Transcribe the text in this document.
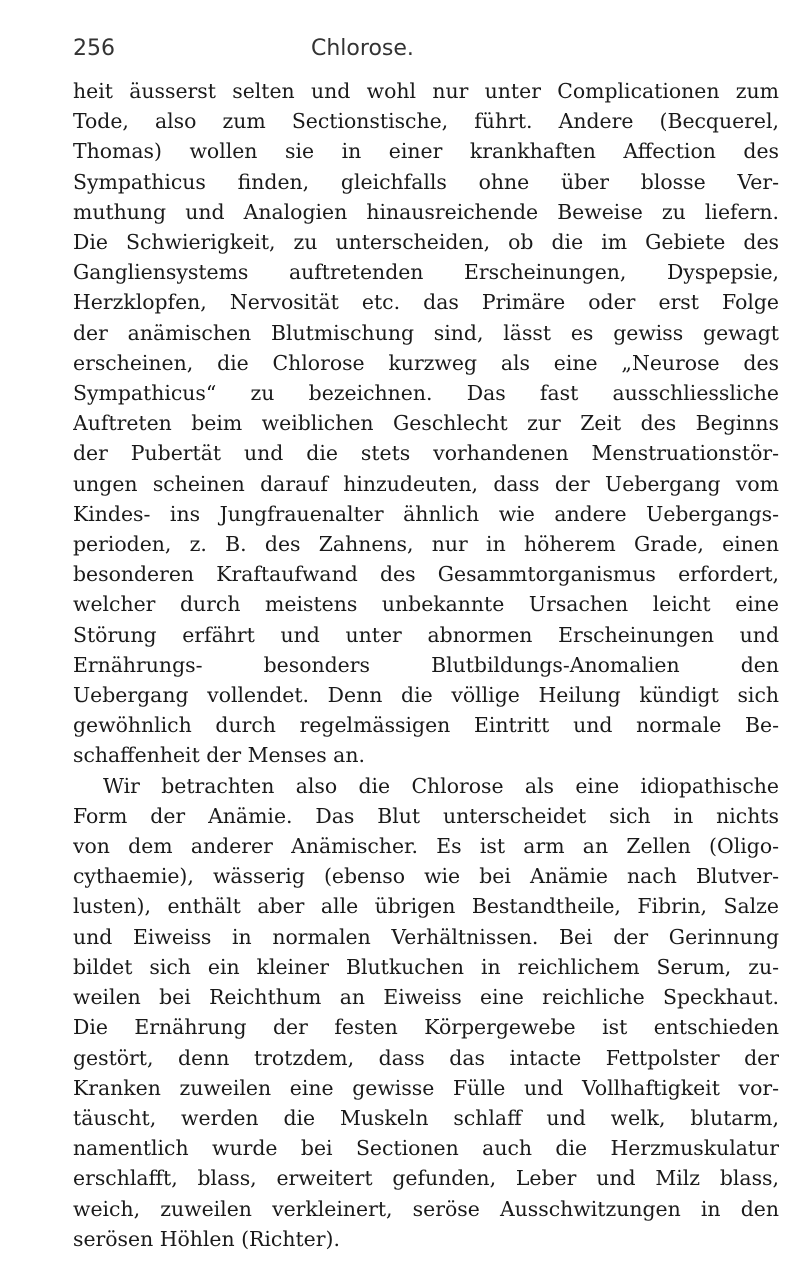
256	Chlorose.
heit äusserst selten und wohl nur unter Complicationen zum
Tode, also zum Sectionstische, führt. Andere (Becquerel,
Thomas) wollen sie in einer krankhaften Affection des
Sympathicus finden, gleichfalls ohne über blosse Ver-
muthung und Analogien hinausreichende Beweise zu liefern.
Die Schwierigkeit, zu unterscheiden, ob die im Gebiete des
Gangliensystems auftretenden Erscheinungen, Dyspepsie,
Herzklopfen, Nervosität etc. das Primäre oder erst Folge
der anämischen Blutmischung sind, lässt es gewiss gewagt
erscheinen, die Chlorose kurzweg als eine „Neurose des
Sympathicus“ zu bezeichnen. Das fast ausschliessliche
Auftreten beim weiblichen Geschlecht zur Zeit des Beginns
der Pubertät und die stets vorhandenen Menstruationstör-
ungen scheinen darauf hinzudeuten, dass der Uebergang vom
Kindes- ins Jungfrauenalter ähnlich wie andere Uebergangs-
perioden, z. B. des Zahnens, nur in höherem Grade, einen
besonderen Kraftaufwand des Gesammtorganismus erfordert,
welcher durch meistens unbekannte Ursachen leicht eine
Störung erfährt und unter abnormen Erscheinungen und
Ernährungs- besonders Blutbildungs-Anomalien den
Uebergang vollendet. Denn die völlige Heilung kündigt sich
gewöhnlich durch regelmässigen Eintritt und normale Be-
schaffenheit der Menses an.
Wir betrachten also die Chlorose als eine idiopathische
Form der Anämie. Das Blut unterscheidet sich in nichts
von dem anderer Anämischer. Es ist arm an Zellen (Oligo-
cythaemie), wässerig (ebenso wie bei Anämie nach Blutver-
lusten), enthält aber alle übrigen Bestandtheile, Fibrin, Salze
und Eiweiss in normalen Verhältnissen. Bei der Gerinnung
bildet sich ein kleiner Blutkuchen in reichlichem Serum, zu-
weilen bei Reichthum an Eiweiss eine reichliche Speckhaut.
Die Ernährung der festen Körpergewebe ist entschieden
gestört, denn trotzdem, dass das intacte Fettpolster der
Kranken zuweilen eine gewisse Fülle und Vollhaftigkeit vor-
täuscht, werden die Muskeln schlaff und welk, blutarm,
namentlich wurde bei Sectionen auch die Herzmuskulatur
erschlafft, blass, erweitert gefunden, Leber und Milz blass,
weich, zuweilen verkleinert, seröse Ausschwitzungen in den
serösen Höhlen (Richter).
